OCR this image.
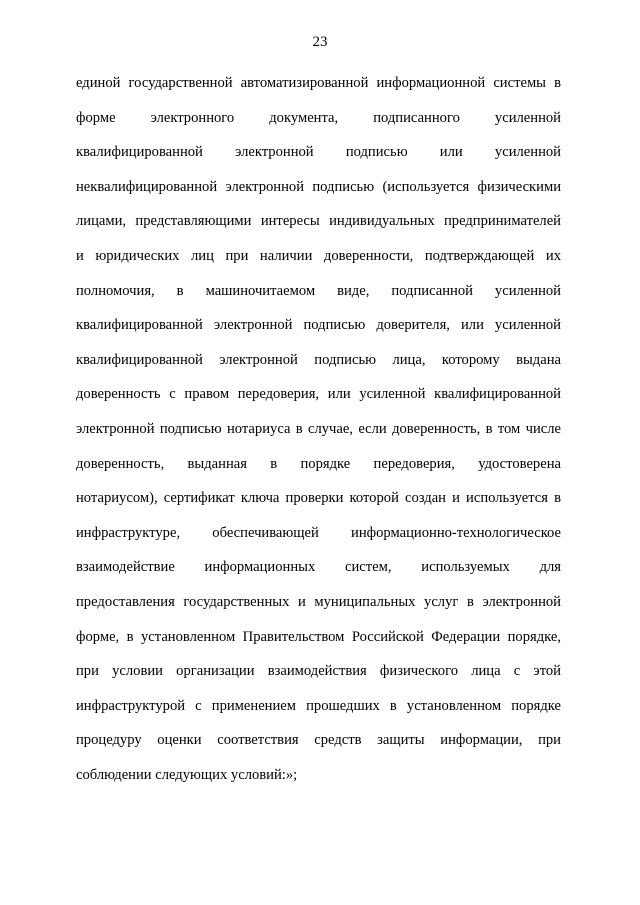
23
единой государственной автоматизированной информационной системы в
форме электронного документа, подписанного усиленной
квалифицированной электронной подписью или усиленной
неквалифицированной электронной подписью (используется физическими
лицами, представляющими интересы индивидуальных предпринимателей
и юридических лиц при наличии доверенности, подтверждающей их
полномочия, в машиночитаемом виде, подписанной усиленной
квалифицированной электронной подписью доверителя, или усиленной
квалифицированной электронной подписью лица, которому выдана
доверенность с правом передоверия, или усиленной квалифицированной
электронной подписью нотариуса в случае, если доверенность, в том числе
доверенность, выданная в порядке передоверия, удостоверена
нотариусом), сертификат ключа проверки которой создан и используется в
инфраструктуре, обеспечивающей информационно-технологическое
взаимодействие информационных систем, используемых для
предоставления государственных и муниципальных услуг в электронной
форме, в установленном Правительством Российской Федерации порядке,
при условии организации взаимодействия физического лица с этой
инфраструктурой с применением прошедших в установленном порядке
процедуру оценки соответствия средств защиты информации, при
соблюдении следующих условий:»;
